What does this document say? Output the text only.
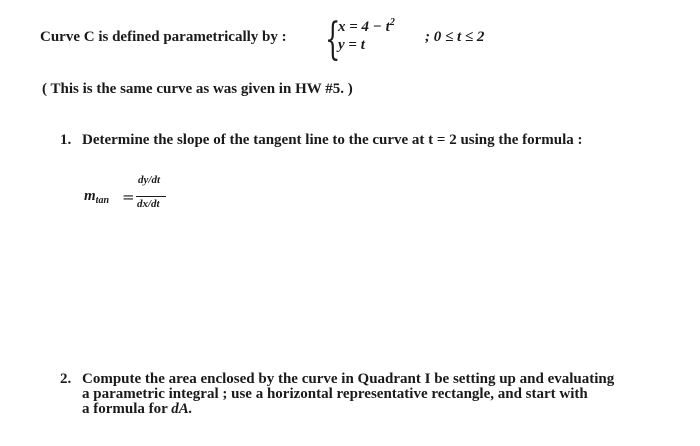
Curve C is defined parametrically by : {
$x = 4 - t^2$
y = t	; 0 ≤ t ≤ 2
( This is the same curve as was given in HW #5. )
1. Determine the slope of the tangent line to the curve at t = 2 using the formula :
$m_{tan}$ =
dy/dt
dx/dt
2. Compute the area enclosed by the curve in Quadrant I be setting up and evaluating
a parametric integral ; use a horizontal representative rectangle, and start with
a formula for dA.
